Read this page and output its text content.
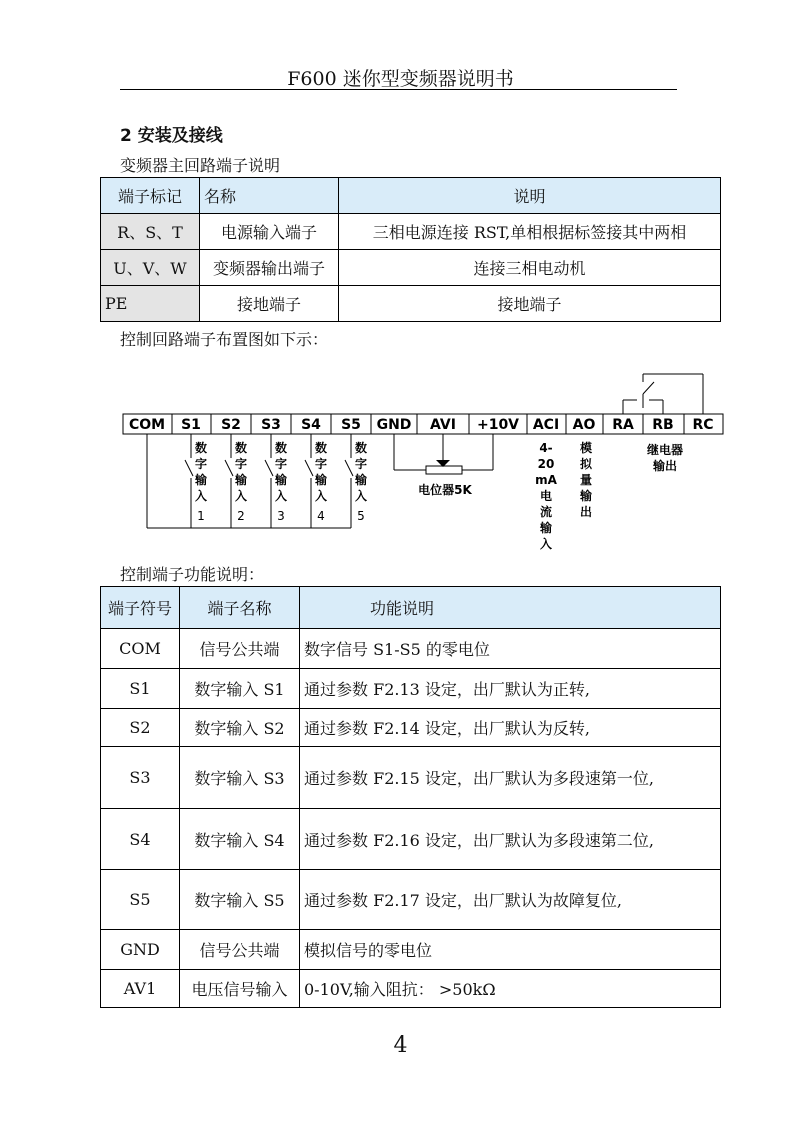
F600 迷你型变频器说明书
2 安装及接线
变频器主回路端子说明
端子标记	名称	说明
R、S、T	电源输入端子	三相电源连接 RST,单相根据标签接其中两相
U、V、W	变频器输出端子	连接三相电动机
PE	接地端子	接地端子
控制回路端子布置图如下示：
COM S1 S2 S3 S4 S5 GND AVI +10V ACI AO RA RB RC
数
字
输
入
1
数
字
输
入
2
数
字
输
入
3
数
字
输
入
4
数
字
输
入
5
电位器5K
4-
20
mA
电
流
输
入
模
拟
量
输
出
继电器
输出
控制端子功能说明：
端子符号	端子名称	功能说明
COM	信号公共端	数字信号 S1-S5 的零电位
S1	数字输入 S1	通过参数 F2.13 设定，出厂默认为正转,
S2	数字输入 S2	通过参数 F2.14 设定，出厂默认为反转,
S3	数字输入 S3	通过参数 F2.15 设定，出厂默认为多段速第一位,
S4	数字输入 S4	通过参数 F2.16 设定，出厂默认为多段速第二位,
S5	数字输入 S5	通过参数 F2.17 设定，出厂默认为故障复位,
GND	信号公共端	模拟信号的零电位
AV1	电压信号输入	0-10V,输入阻抗： >50kΩ
4
